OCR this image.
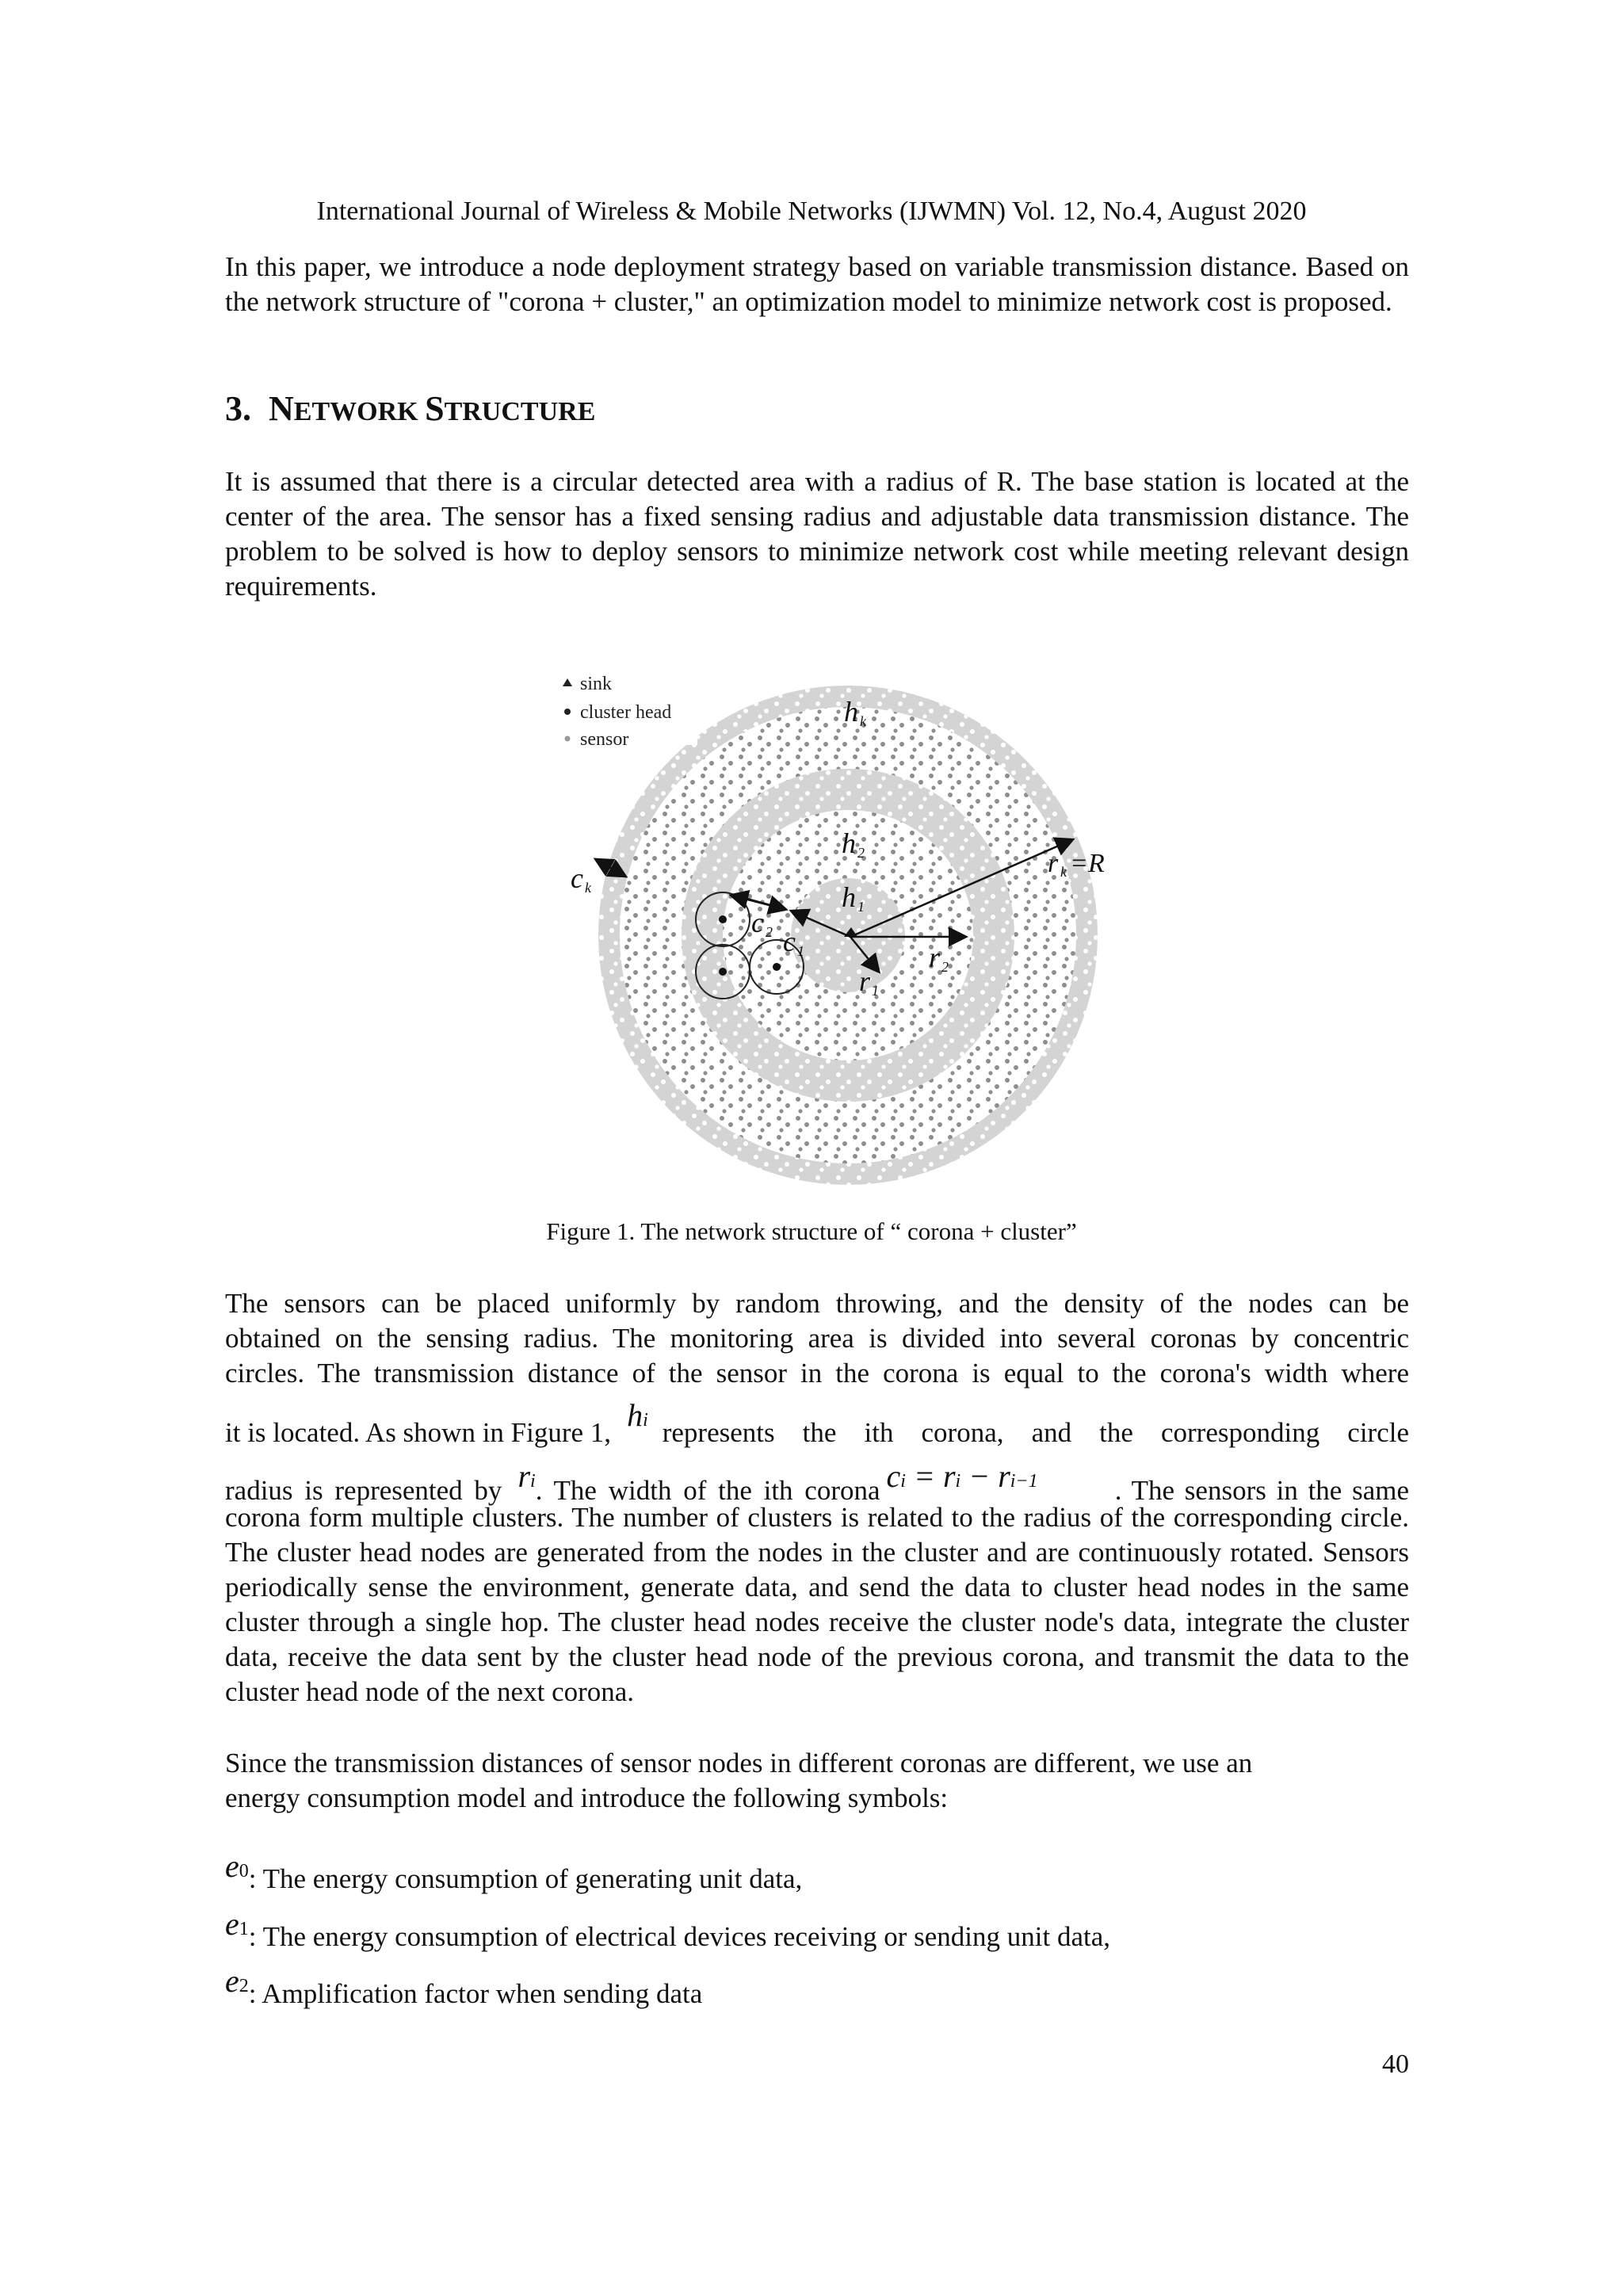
International Journal of Wireless & Mobile Networks (IJWMN) Vol. 12, No.4, August 2020
In this paper, we introduce a node deployment strategy based on variable transmission distance. Based on the network structure of "corona + cluster," an optimization model to minimize network cost is proposed.
3. NETWORK STRUCTURE
It is assumed that there is a circular detected area with a radius of R. The base station is located at the center of the area. The sensor has a fixed sensing radius and adjustable data transmission distance. The problem to be solved is how to deploy sensors to minimize network cost while meeting relevant design requirements.
sink
cluster head
sensor
h k
h 2
h 1
c k
c 1
c 2
r 1
r 2
r k =R
Figure 1. The network structure of “ corona + cluster”
The sensors can be placed uniformly by random throwing, and the density of the nodes can be
obtained on the sensing radius. The monitoring area is divided into several coronas by concentric
circles. The transmission distance of the sensor in the corona is equal to the corona's width where
it is located. As shown in Figure 1, hi represents the ith corona, and the corresponding circle
radius is represented by ri . The width of the ith corona ci = ri − ri−1	. The sensors in the same
corona form multiple clusters. The number of clusters is related to the radius of the corresponding circle. The cluster head nodes are generated from the nodes in the cluster and are continuously rotated. Sensors periodically sense the environment, generate data, and send the data to cluster head nodes in the same cluster through a single hop. The cluster head nodes receive the cluster node's data, integrate the cluster data, receive the data sent by the cluster head node of the previous corona, and transmit the data to the cluster head node of the next corona.
Since the transmission distances of sensor nodes in different coronas are different, we use an
energy consumption model and introduce the following symbols:
e0: The energy consumption of generating unit data,
e1: The energy consumption of electrical devices receiving or sending unit data,
e2: Amplification factor when sending data
40
